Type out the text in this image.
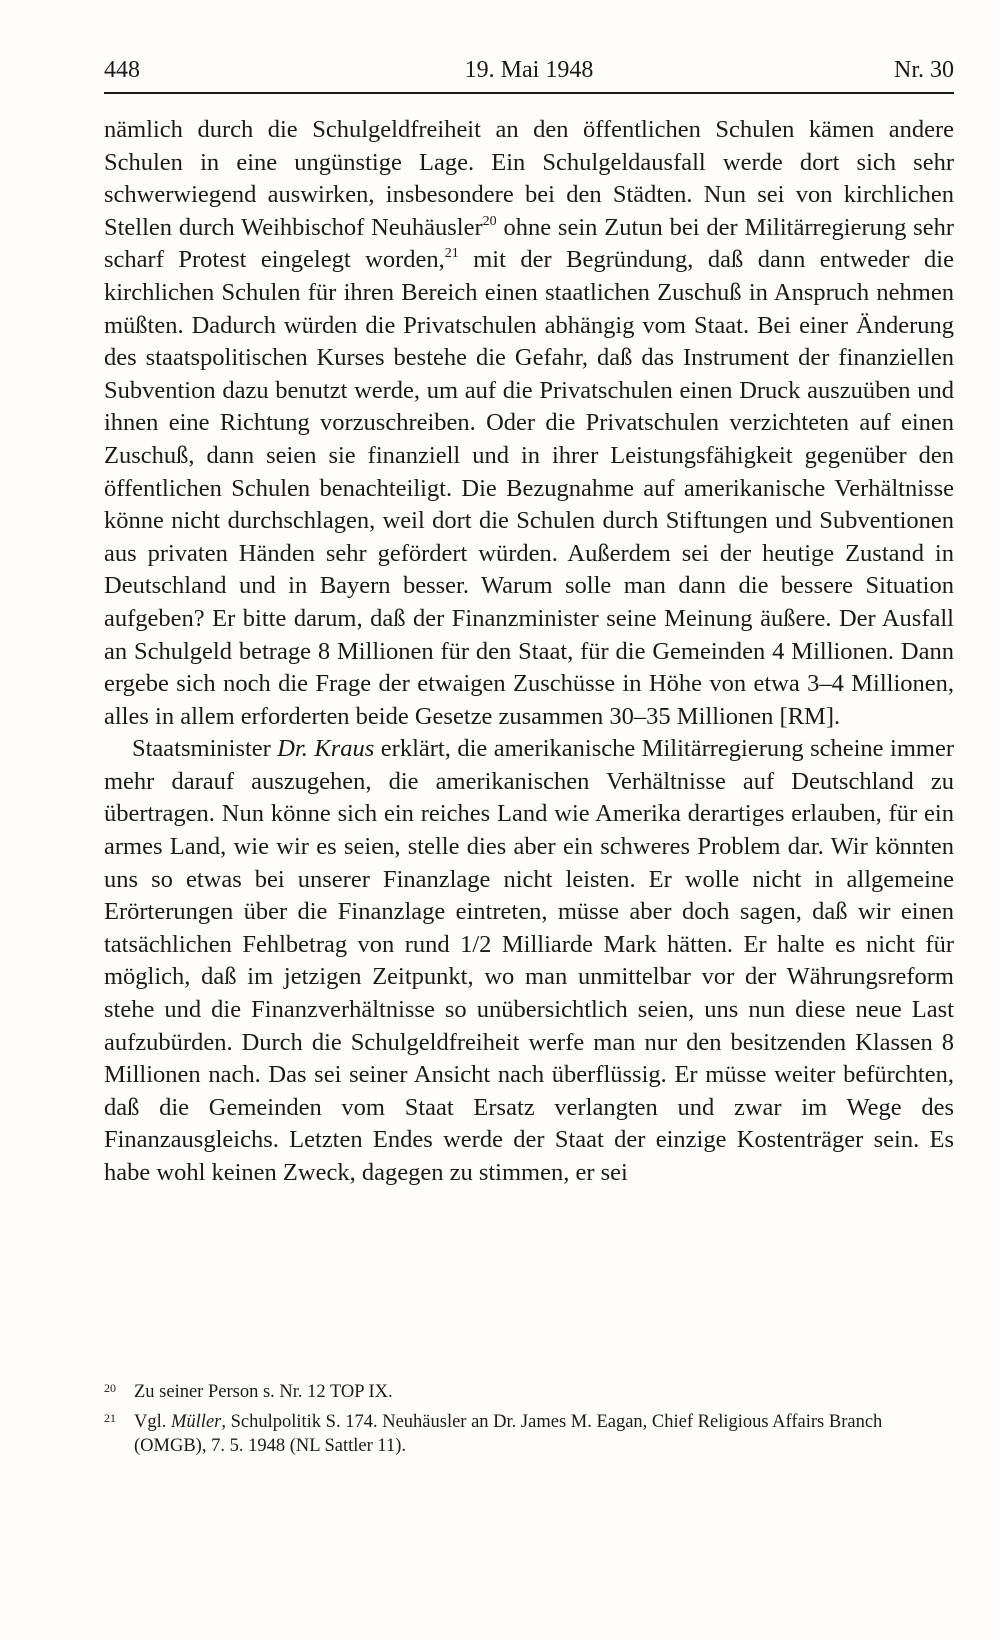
448	19. Mai 1948	Nr. 30

nämlich durch die Schulgeldfreiheit an den öffentlichen Schulen kämen andere Schulen in eine ungünstige Lage. Ein Schulgeldausfall werde dort sich sehr schwerwiegend auswirken, insbesondere bei den Städten. Nun sei von kirchlichen Stellen durch Weihbischof Neuhäusler$^{20}$ ohne sein Zutun bei der Militärregierung sehr scharf Protest eingelegt worden,$^{21}$ mit der Begründung, daß dann entweder die kirchlichen Schulen für ihren Bereich einen staatlichen Zuschuß in Anspruch nehmen müßten. Dadurch würden die Privatschulen abhängig vom Staat. Bei einer Änderung des staatspolitischen Kurses bestehe die Gefahr, daß das Instrument der finanziellen Subvention dazu benutzt werde, um auf die Privatschulen einen Druck auszuüben und ihnen eine Richtung vorzuschreiben. Oder die Privatschulen verzichteten auf einen Zuschuß, dann seien sie finanziell und in ihrer Leistungsfähigkeit gegenüber den öffentlichen Schulen benachteiligt. Die Bezugnahme auf amerikanische Verhältnisse könne nicht durchschlagen, weil dort die Schulen durch Stiftungen und Subventionen aus privaten Händen sehr gefördert würden. Außerdem sei der heutige Zustand in Deutschland und in Bayern besser. Warum solle man dann die bessere Situation aufgeben? Er bitte darum, daß der Finanzminister seine Meinung äußere. Der Ausfall an Schulgeld betrage 8 Millionen für den Staat, für die Gemeinden 4 Millionen. Dann ergebe sich noch die Frage der etwaigen Zuschüsse in Höhe von etwa 3–4 Millionen, alles in allem erforderten beide Gesetze zusammen 30–35 Millionen [RM].

Staatsminister Dr. Kraus erklärt, die amerikanische Militärregierung scheine immer mehr darauf auszugehen, die amerikanischen Verhältnisse auf Deutschland zu übertragen. Nun könne sich ein reiches Land wie Amerika derartiges erlauben, für ein armes Land, wie wir es seien, stelle dies aber ein schweres Problem dar. Wir könnten uns so etwas bei unserer Finanzlage nicht leisten. Er wolle nicht in allgemeine Erörterungen über die Finanzlage eintreten, müsse aber doch sagen, daß wir einen tatsächlichen Fehlbetrag von rund 1/2 Milliarde Mark hätten. Er halte es nicht für möglich, daß im jetzigen Zeitpunkt, wo man unmittelbar vor der Währungsreform stehe und die Finanzverhältnisse so unübersichtlich seien, uns nun diese neue Last aufzubürden. Durch die Schulgeldfreiheit werfe man nur den besitzenden Klassen 8 Millionen nach. Das sei seiner Ansicht nach überflüssig. Er müsse weiter befürchten, daß die Gemeinden vom Staat Ersatz verlangten und zwar im Wege des Finanzausgleichs. Letzten Endes werde der Staat der einzige Kostenträger sein. Es habe wohl keinen Zweck, dagegen zu stimmen, er sei

20 Zu seiner Person s. Nr. 12 TOP IX.
21 Vgl. Müller, Schulpolitik S. 174. Neuhäusler an Dr. James M. Eagan, Chief Religious Affairs Branch (OMGB), 7. 5. 1948 (NL Sattler 11).
